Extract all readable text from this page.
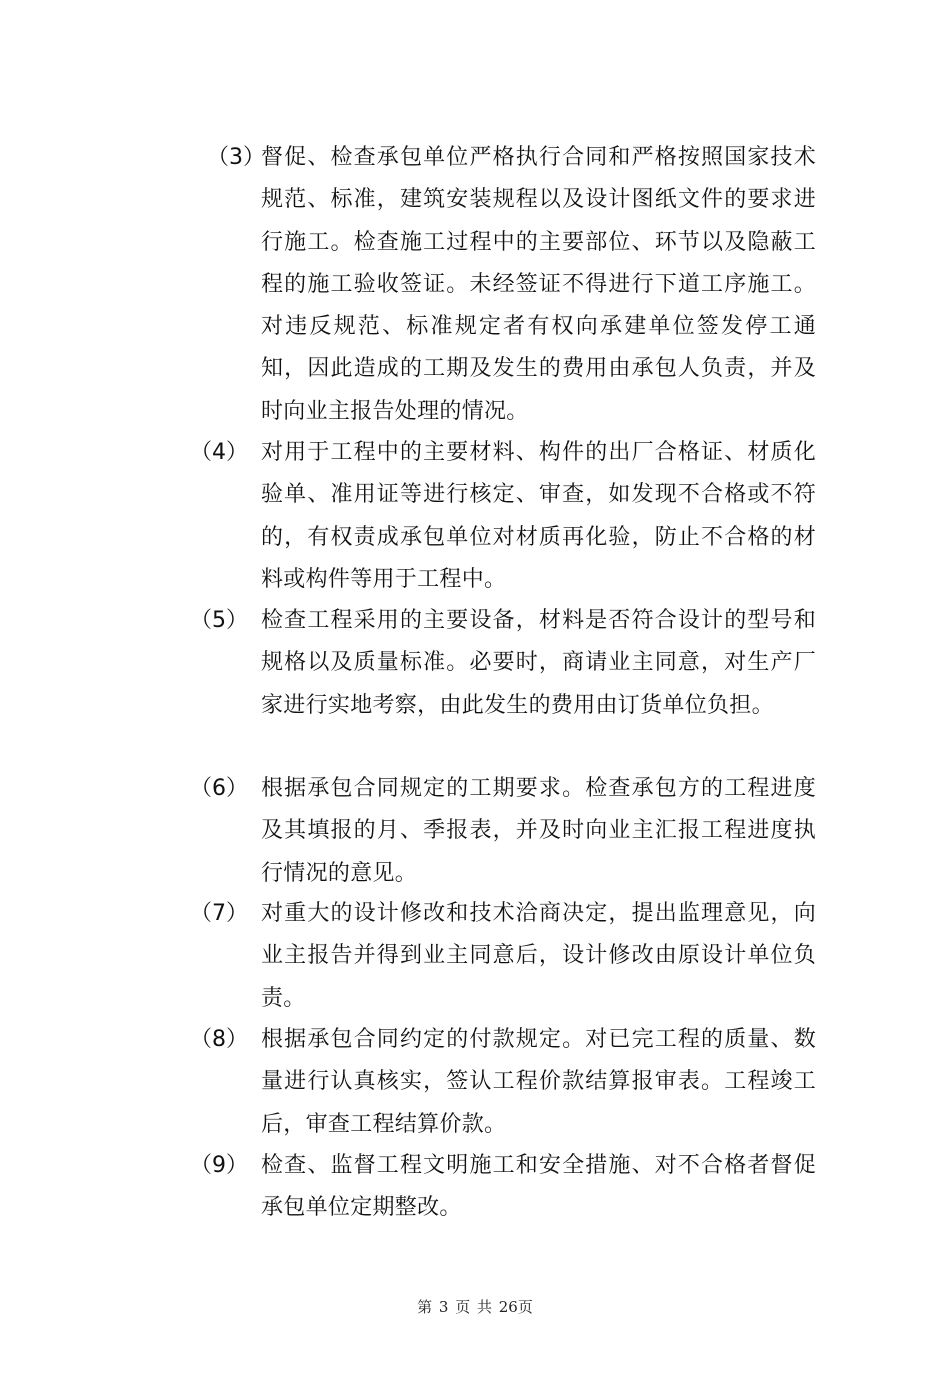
（3）
督促、检查承包单位严格执行合同和严格按照国家技术规范、标准，建筑安装规程以及设计图纸文件的要求进行施工。检查施工过程中的主要部位、环节以及隐蔽工程的施工验收签证。未经签证不得进行下道工序施工。对违反规范、标准规定者有权向承建单位签发停工通知，因此造成的工期及发生的费用由承包人负责，并及时向业主报告处理的情况。
（4） 对用于工程中的主要材料、构件的出厂合格证、材质化验单、准用证等进行核定、审查，如发现不合格或不符的，有权责成承包单位对材质再化验，防止不合格的材料或构件等用于工程中。
（5） 检查工程采用的主要设备，材料是否符合设计的型号和规格以及质量标准。必要时，商请业主同意，对生产厂家进行实地考察，由此发生的费用由订货单位负担。
（6） 根据承包合同规定的工期要求。检查承包方的工程进度及其填报的月、季报表，并及时向业主汇报工程进度执行情况的意见。
（7） 对重大的设计修改和技术洽商决定，提出监理意见，向业主报告并得到业主同意后，设计修改由原设计单位负责。
（8） 根据承包合同约定的付款规定。对已完工程的质量、数量进行认真核实，签认工程价款结算报审表。工程竣工后，审查工程结算价款。
（9） 检查、监督工程文明施工和安全措施、对不合格者督促承包单位定期整改。
第 3 页 共 26页
